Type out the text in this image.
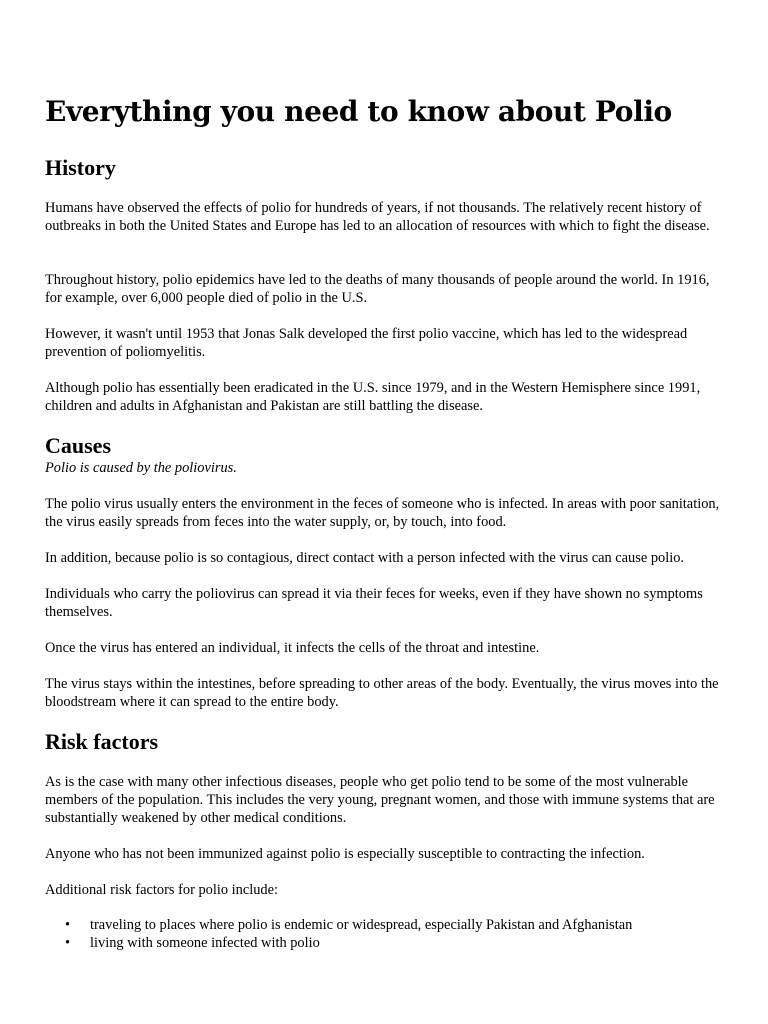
Everything you need to know about Polio
History

Humans have observed the effects of polio for hundreds of years, if not thousands. The relatively recent history of outbreaks in both the United States and Europe has led to an allocation of resources with which to fight the disease.

Throughout history, polio epidemics have led to the deaths of many thousands of people around the world. In 1916, for example, over 6,000 people died of polio in the U.S.

However, it wasn't until 1953 that Jonas Salk developed the first polio vaccine, which has led to the widespread prevention of poliomyelitis.

Although polio has essentially been eradicated in the U.S. since 1979, and in the Western Hemisphere since 1991, children and adults in Afghanistan and Pakistan are still battling the disease.

Causes

Polio is caused by the poliovirus.

The polio virus usually enters the environment in the feces of someone who is infected. In areas with poor sanitation, the virus easily spreads from feces into the water supply, or, by touch, into food.

In addition, because polio is so contagious, direct contact with a person infected with the virus can cause polio.

Individuals who carry the poliovirus can spread it via their feces for weeks, even if they have shown no symptoms themselves.

Once the virus has entered an individual, it infects the cells of the throat and intestine.

The virus stays within the intestines, before spreading to other areas of the body. Eventually, the virus moves into the bloodstream where it can spread to the entire body.

Risk factors

As is the case with many other infectious diseases, people who get polio tend to be some of the most vulnerable members of the population. This includes the very young, pregnant women, and those with immune systems that are substantially weakened by other medical conditions.

Anyone who has not been immunized against polio is especially susceptible to contracting the infection.

Additional risk factors for polio include:

• traveling to places where polio is endemic or widespread, especially Pakistan and Afghanistan
• living with someone infected with polio
